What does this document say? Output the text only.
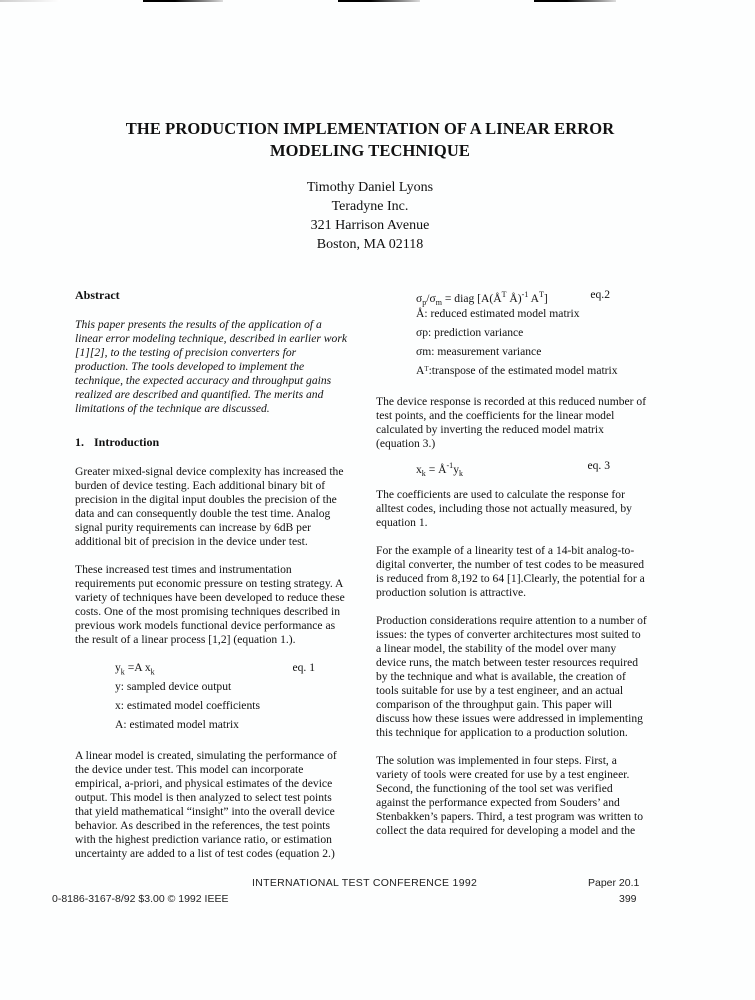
THE PRODUCTION IMPLEMENTATION OF A LINEAR ERROR
MODELING TECHNIQUE
Timothy Daniel Lyons
Teradyne Inc.
321 Harrison Avenue
Boston, MA 02118
Abstract

This paper presents the results of the application of a linear error modeling technique, described in earlier work [1][2], to the testing of precision converters for production. The tools developed to implement the technique, the expected accuracy and throughput gains realized are described and quantified. The merits and limitations of the technique are discussed.

1. Introduction

Greater mixed-signal device complexity has increased the burden of device testing. Each additional binary bit of precision in the digital input doubles the precision of the data and can consequently double the test time. Analog signal purity requirements can increase by 6dB per additional bit of precision in the device under test.

These increased test times and instrumentation requirements put economic pressure on testing strategy. A variety of techniques have been developed to reduce these costs. One of the most promising techniques described in previous work models functional device performance as the result of a linear process [1,2] (equation 1.).

$y_k =A$ $x_k$	eq. 1
y: sampled device output
x: estimated model coefficients
A: estimated model matrix

A linear model is created, simulating the performance of the device under test. This model can incorporate empirical, a-priori, and physical estimates of the device output. This model is then analyzed to select test points that yield mathematical “insight” into the overall device behavior. As described in the references, the test points with the highest prediction variance ratio, or estimation uncertainty are added to a list of test codes (equation 2.)

$\sigma_p/\sigma_m$ = diag [$A(Å^T$ Å)$^{-1}$ $A^T$]	eq.2
Å: reduced estimated model matrix
σp: prediction variance
σm: measurement variance
Aᵀ:transpose of the estimated model matrix

The device response is recorded at this reduced number of test points, and the coefficients for the linear model calculated by inverting the reduced model matrix (equation 3.)

$x_k$ = $Å^{-1}y_k$
eq. 3

The coefficients are used to calculate the response for alltest codes, including those not actually measured, by equation 1.

For the example of a linearity test of a 14-bit analog-to-digital converter, the number of test codes to be measured is reduced from 8,192 to 64 [1].Clearly, the potential for a production solution is attractive.

Production considerations require attention to a number of issues: the types of converter architectures most suited to a linear model, the stability of the model over many device runs, the match between tester resources required by the technique and what is available, the creation of tools suitable for use by a test engineer, and an actual comparison of the throughput gain. This paper will discuss how these issues were addressed in implementing this technique for application to a production solution.

The solution was implemented in four steps. First, a variety of tools were created for use by a test engineer. Second, the functioning of the tool set was verified against the performance expected from Souders’ and Stenbakken’s papers. Third, a test program was written to collect the data required for developing a model and the

INTERNATIONAL TEST CONFERENCE 1992
0-8186-3167-8/92 $3.00 © 1992 IEEE
Paper 20.1
399
